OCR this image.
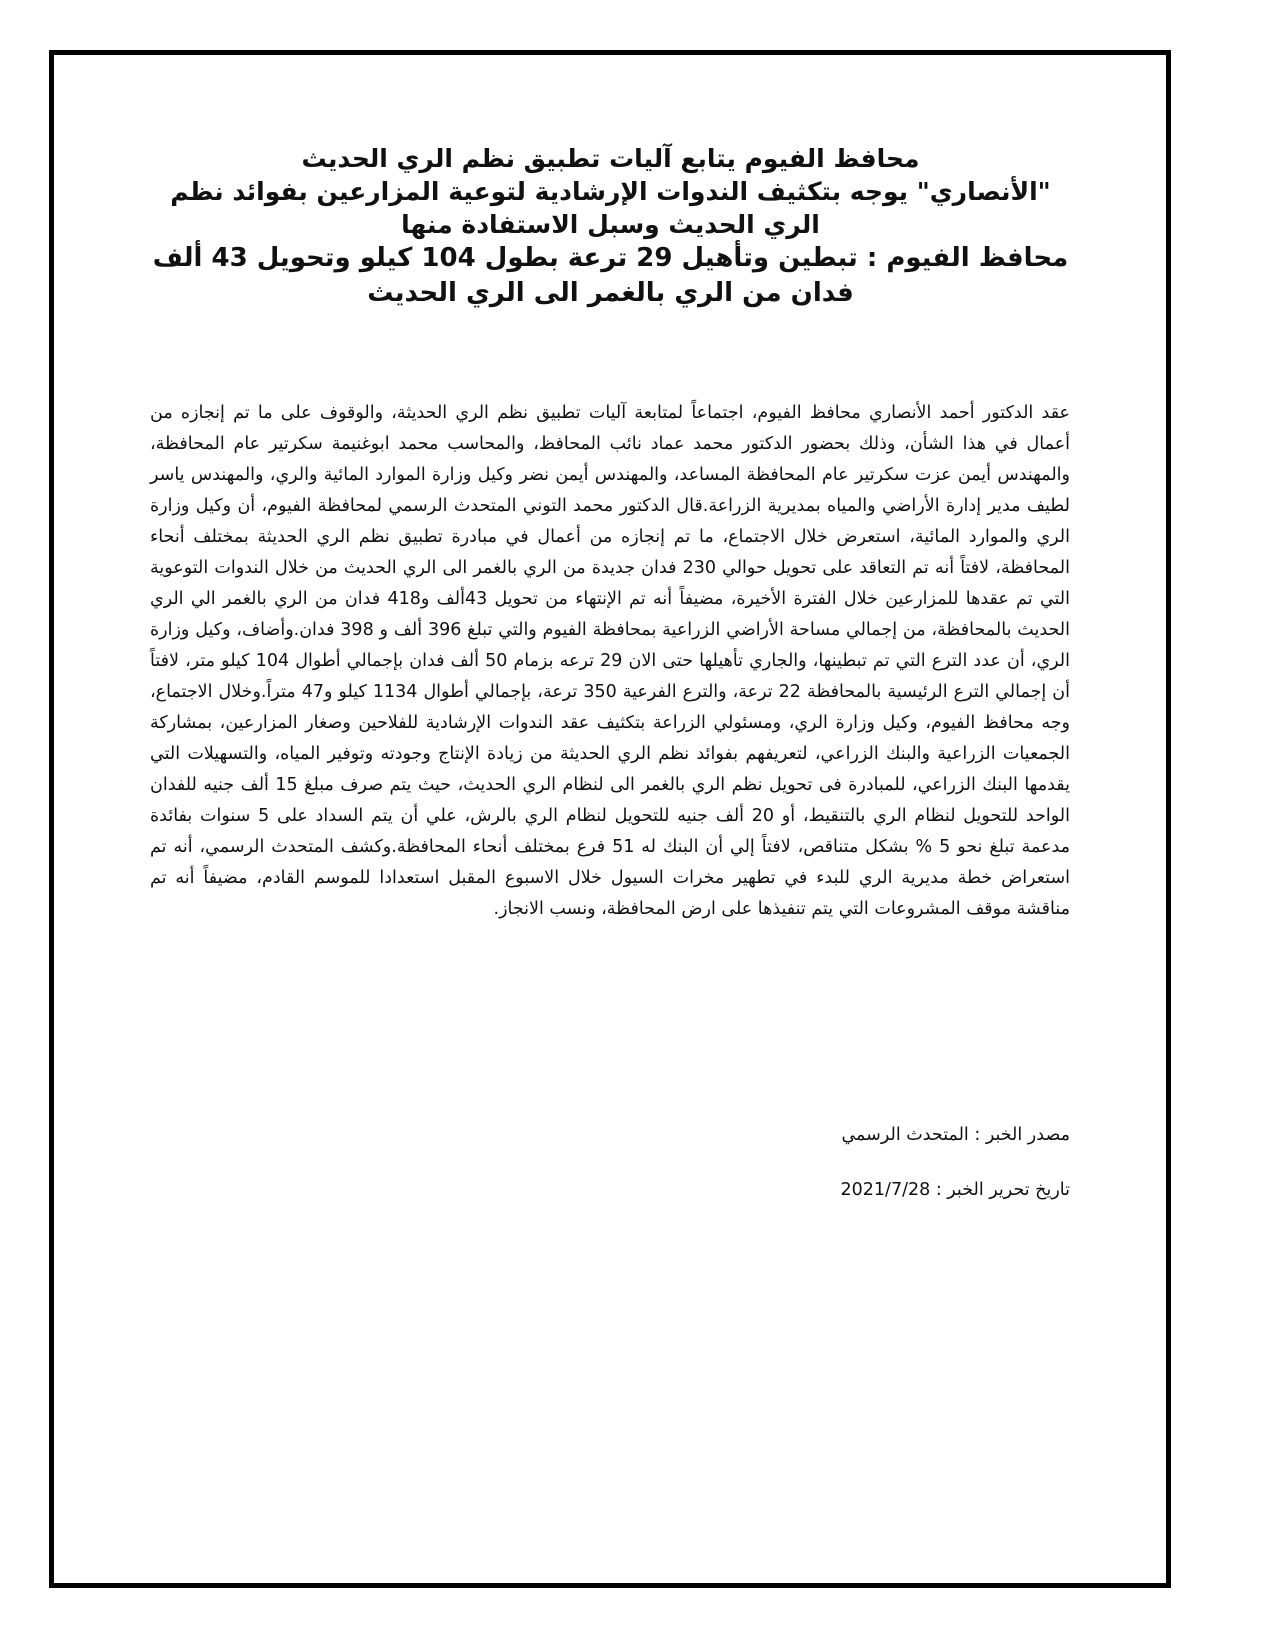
محافظ الفيوم يتابع آليات تطبيق نظم الري الحديث

"الأنصاري" يوجه بتكثيف الندوات الإرشادية لتوعية المزارعين بفوائد نظم الري الحديث وسبل الاستفادة منها

محافظ الفيوم : تبطين وتأهيل 29 ترعة بطول 104 كيلو وتحويل 43 ألف فدان من الري بالغمر الى الري الحديث

عقد الدكتور أحمد الأنصاري محافظ الفيوم، اجتماعاً لمتابعة آليات تطبيق نظم الري الحديثة، والوقوف على ما تم إنجازه من أعمال في هذا الشأن، وذلك بحضور الدكتور محمد عماد نائب المحافظ، والمحاسب محمد ابوغنيمة سكرتير عام المحافظة، والمهندس أيمن عزت سكرتير عام المحافظة المساعد، والمهندس أيمن نضر وكيل وزارة الموارد المائية والري، والمهندس ياسر لطيف مدير إدارة الأراضي والمياه بمديرية الزراعة.قال الدكتور محمد التوني المتحدث الرسمي لمحافظة الفيوم، أن وكيل وزارة الري والموارد المائية، استعرض خلال الاجتماع، ما تم إنجازه من أعمال في مبادرة تطبيق نظم الري الحديثة بمختلف أنحاء المحافظة، لافتاً أنه تم التعاقد على تحويل حوالي 230 فدان جديدة من الري بالغمر الى الري الحديث من خلال الندوات التوعوية التي تم عقدها للمزارعين خلال الفترة الأخيرة، مضيفاً أنه تم الإنتهاء من تحويل 43ألف و418 فدان من الري بالغمر الي الري الحديث بالمحافظة، من إجمالي مساحة الأراضي الزراعية بمحافظة الفيوم والتي تبلغ 396 ألف و 398 فدان.وأضاف، وكيل وزارة الري، أن عدد الترع التي تم تبطينها، والجاري تأهيلها حتى الان 29 ترعه بزمام 50 ألف فدان بإجمالي أطوال 104 كيلو متر، لافتاً أن إجمالي الترع الرئيسية بالمحافظة 22 ترعة، والترع الفرعية 350 ترعة، بإجمالي أطوال 1134 كيلو و47 متراً.وخلال الاجتماع، وجه محافظ الفيوم، وكيل وزارة الري، ومسئولي الزراعة بتكثيف عقد الندوات الإرشادية للفلاحين وصغار المزارعين، بمشاركة الجمعيات الزراعية والبنك الزراعي، لتعريفهم بفوائد نظم الري الحديثة من زيادة الإنتاج وجودته وتوفير المياه، والتسهيلات التي يقدمها البنك الزراعي، للمبادرة فى تحويل نظم الري بالغمر الى لنظام الري الحديث، حيث يتم صرف مبلغ 15 ألف جنيه للفدان الواحد للتحويل لنظام الري بالتنقيط، أو 20 ألف جنيه للتحويل لنظام الري بالرش، علي أن يتم السداد على 5 سنوات بفائدة مدعمة تبلغ نحو 5 % بشكل متناقص، لافتاً إلي أن البنك له 51 فرع بمختلف أنحاء المحافظة.وكشف المتحدث الرسمي، أنه تم استعراض خطة مديرية الري للبدء في تطهير مخرات السيول خلال الاسبوع المقبل استعدادا للموسم القادم، مضيفاً أنه تم مناقشة موقف المشروعات التي يتم تنفيذها على ارض المحافظة، ونسب الانجاز.

مصدر الخبر : المتحدث الرسمي
تاريخ تحرير الخبر : 2021/7/28
